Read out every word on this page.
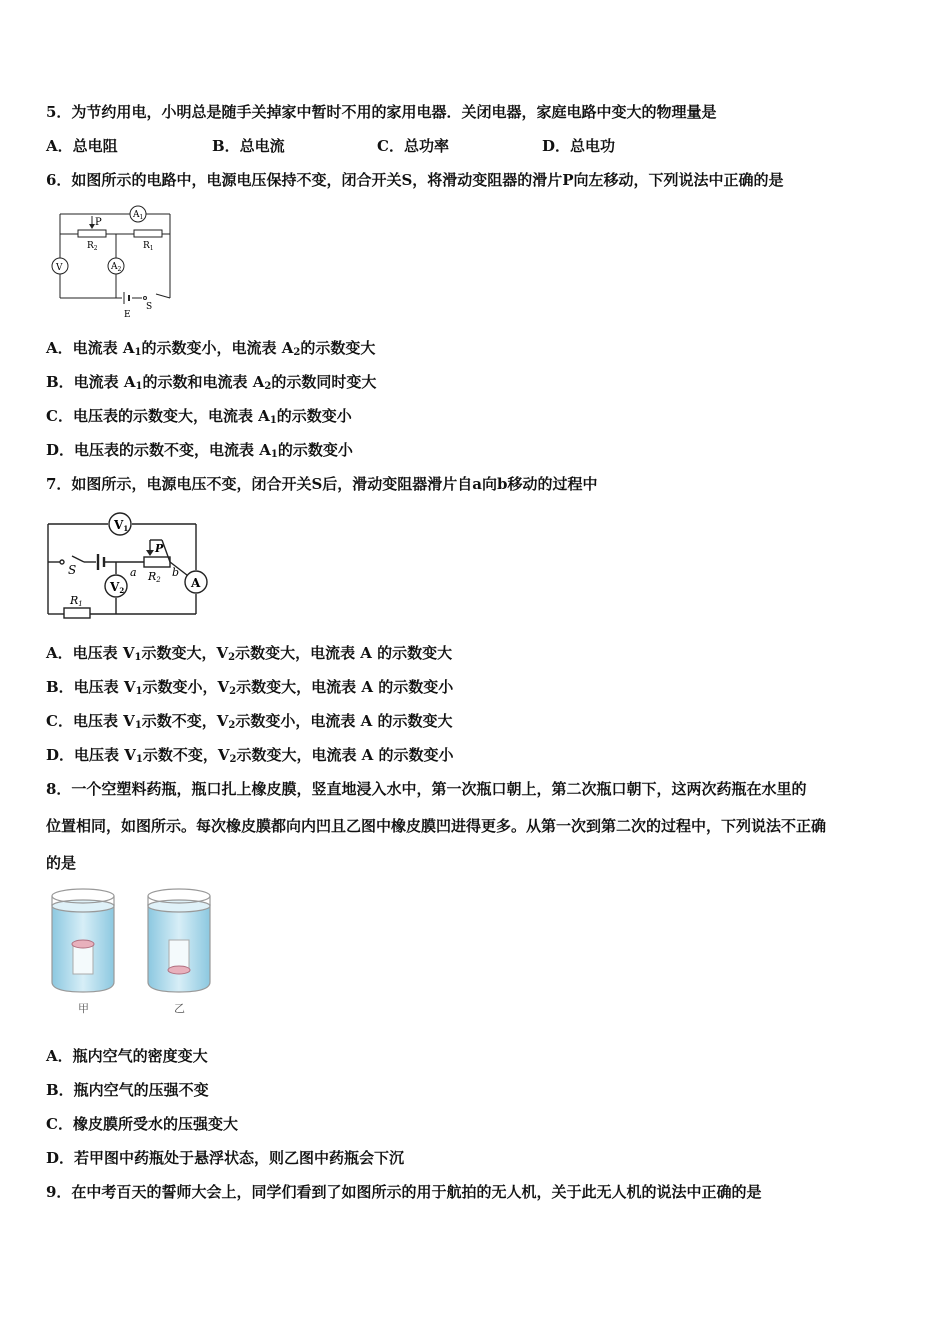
5．为节约用电，小明总是随手关掉家中暂时不用的家用电器．关闭电器，家庭电路中变大的物理量是
A．总电阻	B．总电流	C．总功率	D．总电功
6．如图所示的电路中，电源电压保持不变，闭合开关S，将滑动变阻器的滑片P向左移动，下列说法中正确的是
P
$R_2$	$R_1$
$A_1$
$A_2$
V
E
S
A．电流表 $A_1$的示数变小，电流表 $A_2$的示数变大
B．电流表 $A_1$的示数和电流表 $A_2$的示数同时变大
C．电压表的示数变大，电流表 $A_1$的示数变小
D．电压表的示数不变，电流表 $A_1$的示数变小
7．如图所示，电源电压不变，闭合开关S后，滑动变阻器滑片自a向b移动的过程中
V1
V2
S
P
R2
a	b
A
R1
A．电压表 $V_1$示数变大，$V_2$示数变大，电流表 A 的示数变大
B．电压表 $V_1$示数变小，$V_2$示数变大，电流表 A 的示数变小
C．电压表 $V_1$示数不变，$V_2$示数变小，电流表 A 的示数变大
D．电压表 $V_1$示数不变，$V_2$示数变大，电流表 A 的示数变小
8．一个空塑料药瓶，瓶口扎上橡皮膜，竖直地浸入水中，第一次瓶口朝上，第二次瓶口朝下，这两次药瓶在水里的
位置相同，如图所示。每次橡皮膜都向内凹且乙图中橡皮膜凹进得更多。从第一次到第二次的过程中，下列说法不正确
的是
甲	乙
A．瓶内空气的密度变大
B．瓶内空气的压强不变
C．橡皮膜所受水的压强变大
D．若甲图中药瓶处于悬浮状态，则乙图中药瓶会下沉
9．在中考百天的誓师大会上，同学们看到了如图所示的用于航拍的无人机，关于此无人机的说法中正确的是
